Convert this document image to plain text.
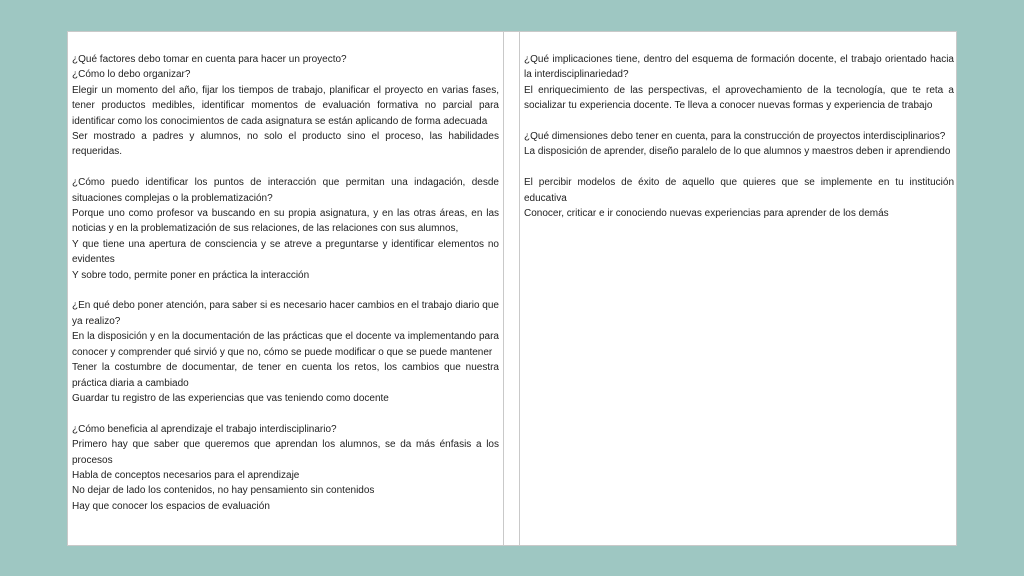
¿Qué factores debo tomar en cuenta para hacer un proyecto?

¿Cómo lo debo organizar?

Elegir un momento del año, fijar los tiempos de trabajo, planificar el proyecto en varias fases, tener productos medibles, identificar momentos de evaluación formativa no parcial para identificar como los conocimientos de cada asignatura se están aplicando de forma adecuada

Ser mostrado a padres y alumnos, no solo el producto sino el proceso, las habilidades requeridas.

¿Cómo puedo identificar los puntos de interacción que permitan una indagación, desde situaciones complejas o la problematización?

Porque uno como profesor va buscando en su propia asignatura, y en las otras áreas, en las noticias y en la problematización de sus relaciones, de las relaciones con sus alumnos,

Y que tiene una apertura de consciencia y se atreve a preguntarse y identificar elementos no evidentes

Y sobre todo, permite poner en práctica la interacción

¿En qué debo poner atención, para saber si es necesario hacer cambios en el trabajo diario que ya realizo?

En la disposición y en la documentación de las prácticas que el docente va implementando para conocer y comprender qué sirvió y que no, cómo se puede modificar o que se puede mantener

Tener la costumbre de documentar, de tener en cuenta los retos, los cambios que nuestra práctica diaria a cambiado

Guardar tu registro de las experiencias que vas teniendo como docente

¿Cómo beneficia al aprendizaje el trabajo interdisciplinario?

Primero hay que saber que queremos que aprendan los alumnos, se da más énfasis a los procesos

Habla de conceptos necesarios para el aprendizaje

No dejar de lado los contenidos, no hay pensamiento sin contenidos

Hay que conocer los espacios de evaluación

¿Qué implicaciones tiene, dentro del esquema de formación docente, el trabajo orientado hacia la interdisciplinariedad?

El enriquecimiento de las perspectivas, el aprovechamiento de la tecnología, que te reta a socializar tu experiencia docente. Te lleva a conocer nuevas formas y experiencia de trabajo

¿Qué dimensiones debo tener en cuenta, para la construcción de proyectos interdisciplinarios?

La disposición de aprender, diseño paralelo de lo que alumnos y maestros deben ir aprendiendo

El percibir modelos de éxito de aquello que quieres que se implemente en tu institución educativa

Conocer, criticar e ir conociendo nuevas experiencias para aprender de los demás
